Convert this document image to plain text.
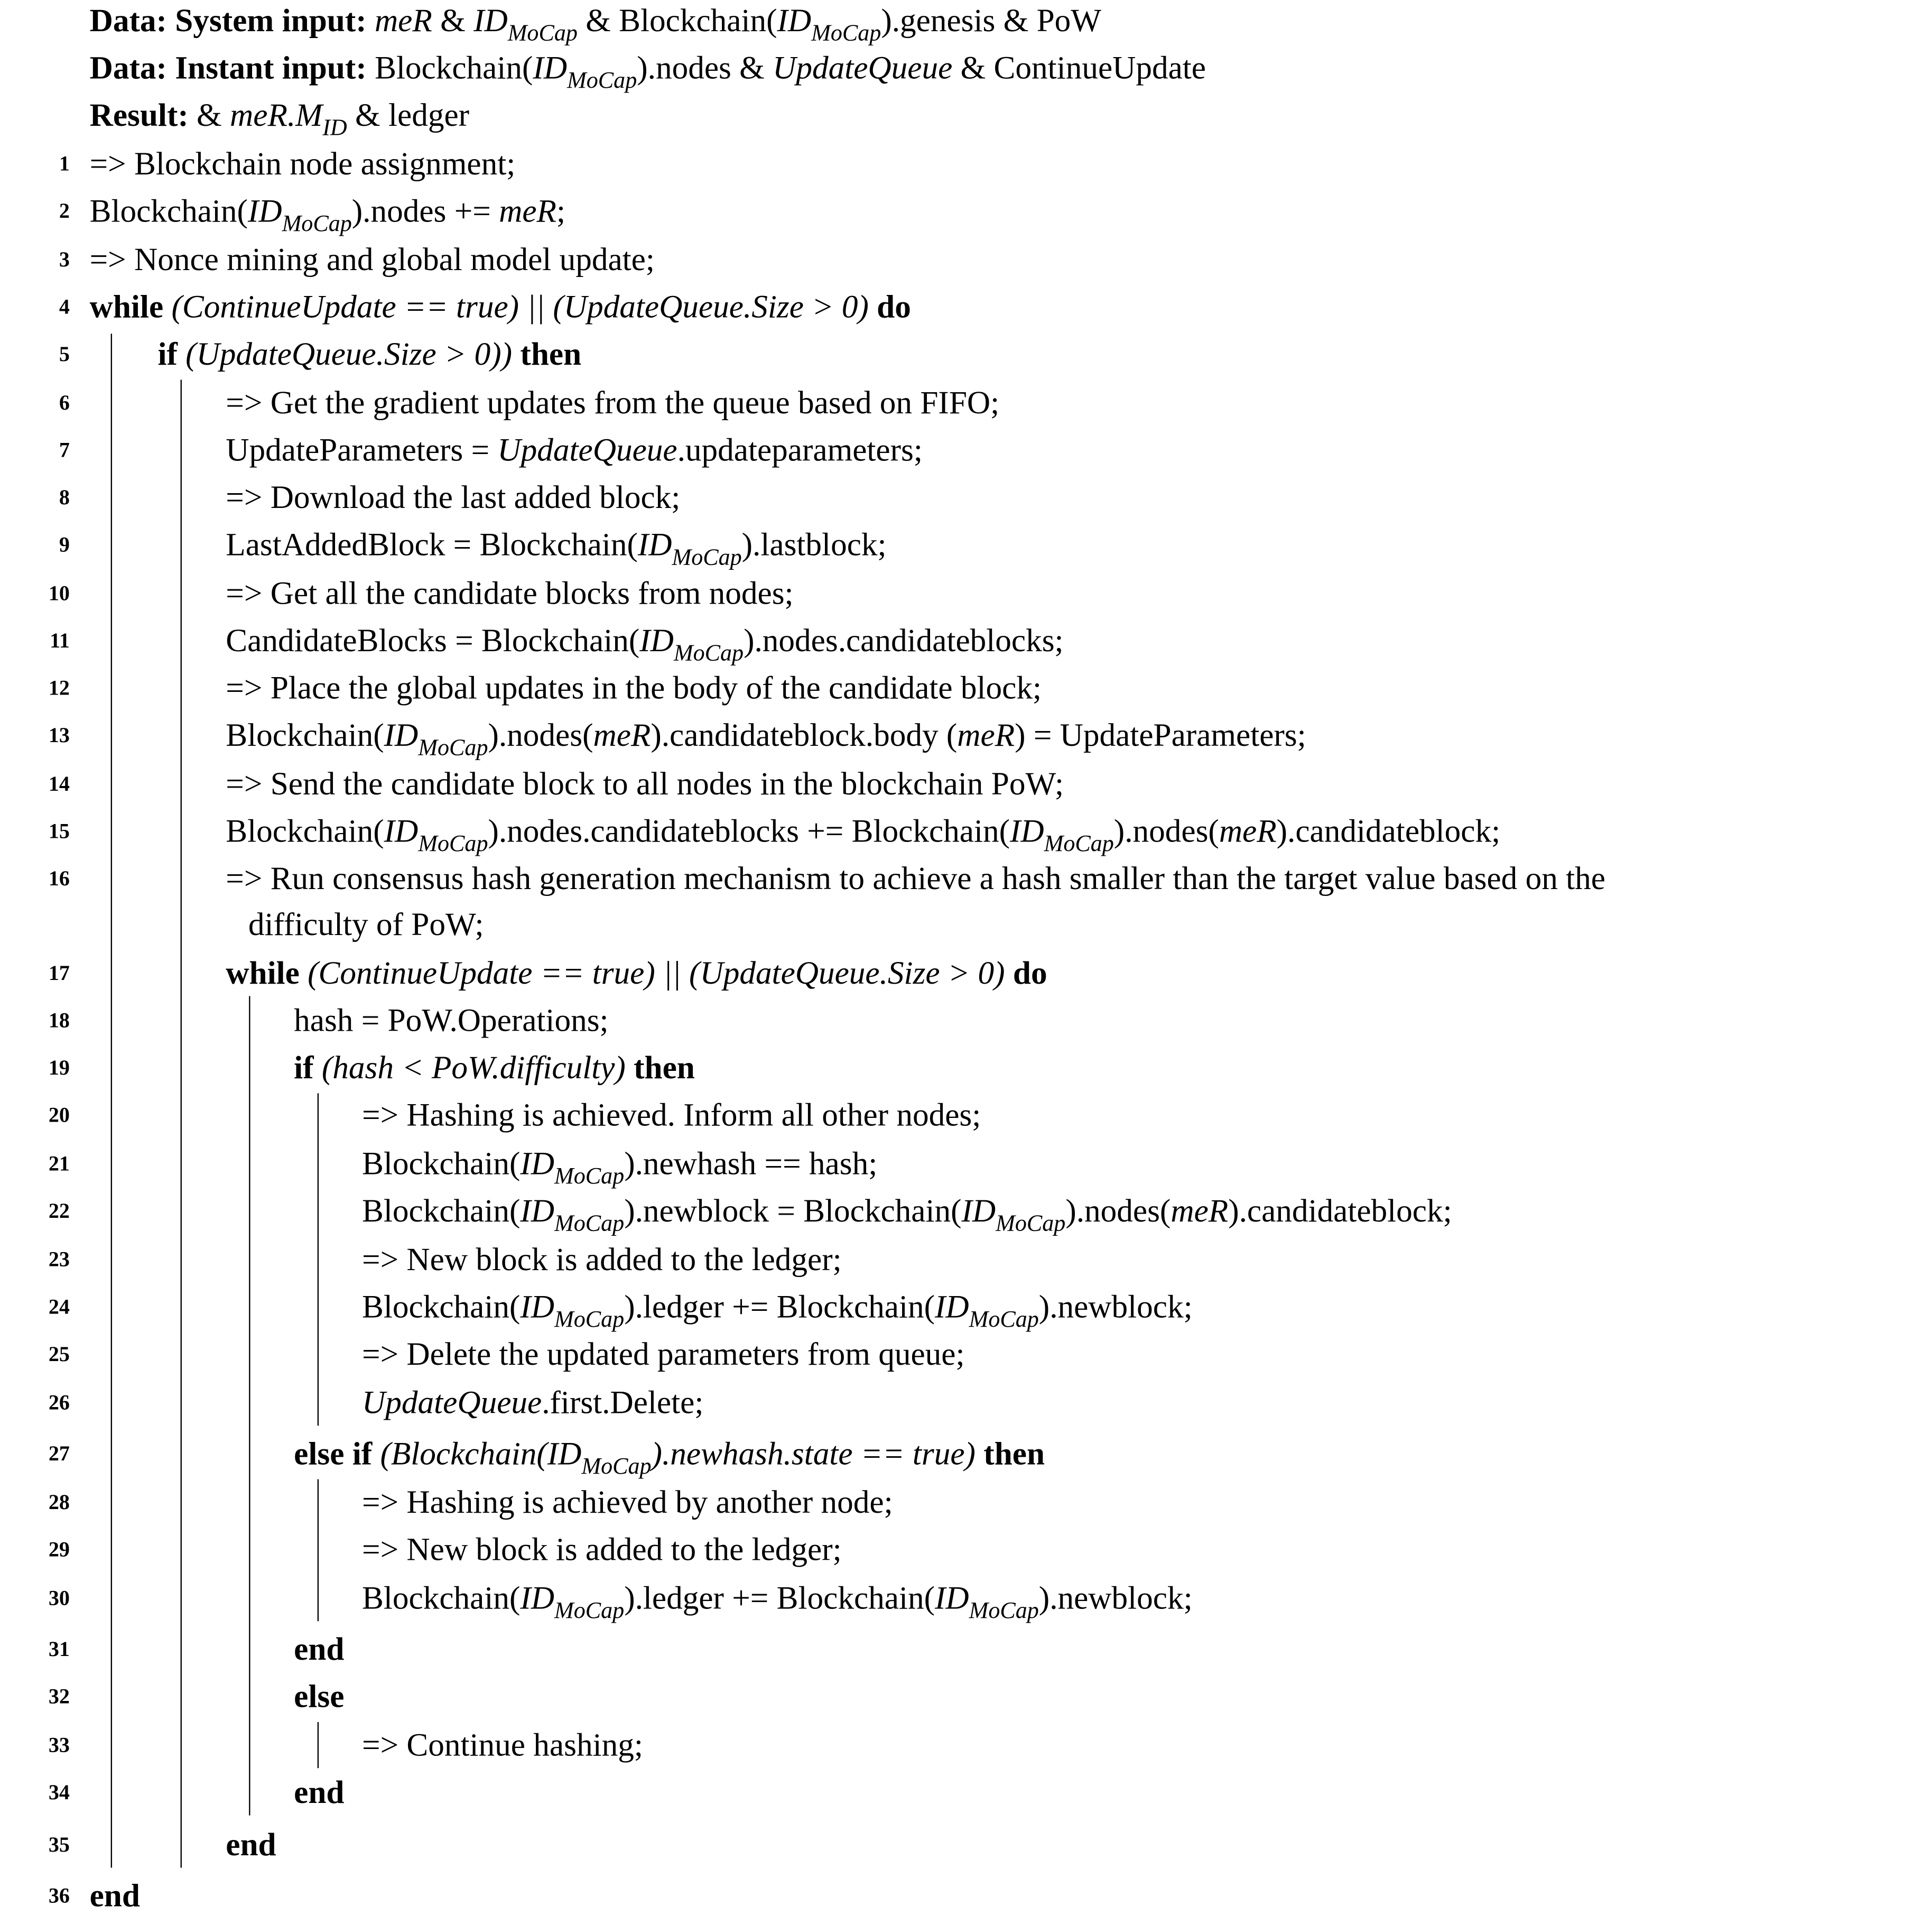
Data: System input: meR & $ID_{MoCap}$ & $Blockchain(ID_{MoCap}).genesis$ & PoW
Data: Instant input: $Blockchain(ID_{MoCap}).nodes$ & UpdateQueue & ContinueUpdate
Result: & $meR.M_{ID}$ & ledger
1 => Blockchain node assignment;
2 $Blockchain(ID_{MoCap}).nodes$ += meR;
3 => Nonce mining and global model update;
4 while (ContinueUpdate == true) || (UpdateQueue.Size > 0) do
5	if (UpdateQueue.Size > 0)) then
6	=> Get the gradient updates from the queue based on FIFO;
7	UpdateParameters = UpdateQueue.updateparameters;
8	=> Download the last added block;
9	LastAddedBlock = $Blockchain(ID_{MoCap}).lastblock$;
10	=> Get all the candidate blocks from nodes;
11	CandidateBlocks = $Blockchain(ID_{MoCap}).nodes.candidateblocks$;
12	=> Place the global updates in the body of the candidate block;
13	$Blockchain(ID_{MoCap}).nodes(meR).candidateblock.body$ (meR) = UpdateParameters;
14	=> Send the candidate block to all nodes in the blockchain PoW;
15	$Blockchain(ID_{MoCap}).nodes.candidateblocks$ += $Blockchain(ID_{MoCap}).nodes(meR).candidateblock$;
16	=> Run consensus hash generation mechanism to achieve a hash smaller than the target value based on the
difficulty of PoW;
17	while (ContinueUpdate == true) || (UpdateQueue.Size > 0) do
18	hash = PoW.Operations;
19	if (hash < PoW.difficulty) then
20	=> Hashing is achieved. Inform all other nodes;
21	$Blockchain(ID_{MoCap}).newhash$ == hash;
22	$Blockchain(ID_{MoCap}).newblock$ = $Blockchain(ID_{MoCap}).nodes(meR).candidateblock$;
23	=> New block is added to the ledger;
24	$Blockchain(ID_{MoCap}).ledger$ += $Blockchain(ID_{MoCap}).newblock$;
25	=> Delete the updated parameters from queue;
26	UpdateQueue.first.Delete;
27	else if ($Blockchain(ID_{MoCap}).newhash.state$ == true) then
28	=> Hashing is achieved by another node;
29	=> New block is added to the ledger;
30	$Blockchain(ID_{MoCap}).ledger$ += $Blockchain(ID_{MoCap}).newblock$;
31	end
32	else
33	=> Continue hashing;
34	end
35	end
36 end
